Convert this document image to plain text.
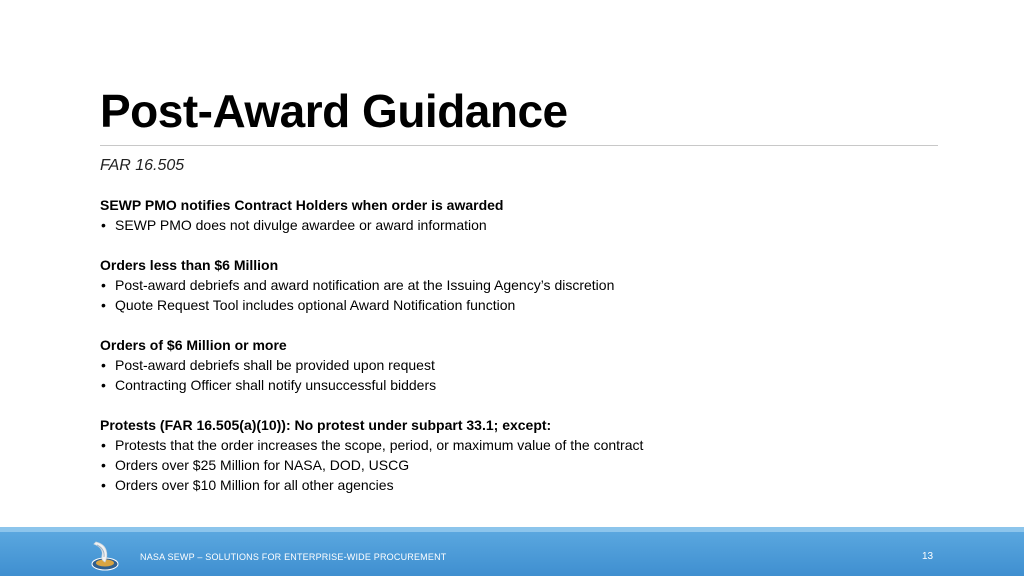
Post-Award Guidance
FAR 16.505
SEWP PMO notifies Contract Holders when order is awarded
• SEWP PMO does not divulge awardee or award information
Orders less than $6 Million
• Post-award debriefs and award notification are at the Issuing Agency’s discretion
• Quote Request Tool includes optional Award Notification function
Orders of $6 Million or more
• Post-award debriefs shall be provided upon request
• Contracting Officer shall notify unsuccessful bidders
Protests (FAR 16.505(a)(10)): No protest under subpart 33.1; except:
• Protests that the order increases the scope, period, or maximum value of the contract
• Orders over $25 Million for NASA, DOD, USCG
• Orders over $10 Million for all other agencies
NASA SEWP – SOLUTIONS FOR ENTERPRISE-WIDE PROCUREMENT	13
